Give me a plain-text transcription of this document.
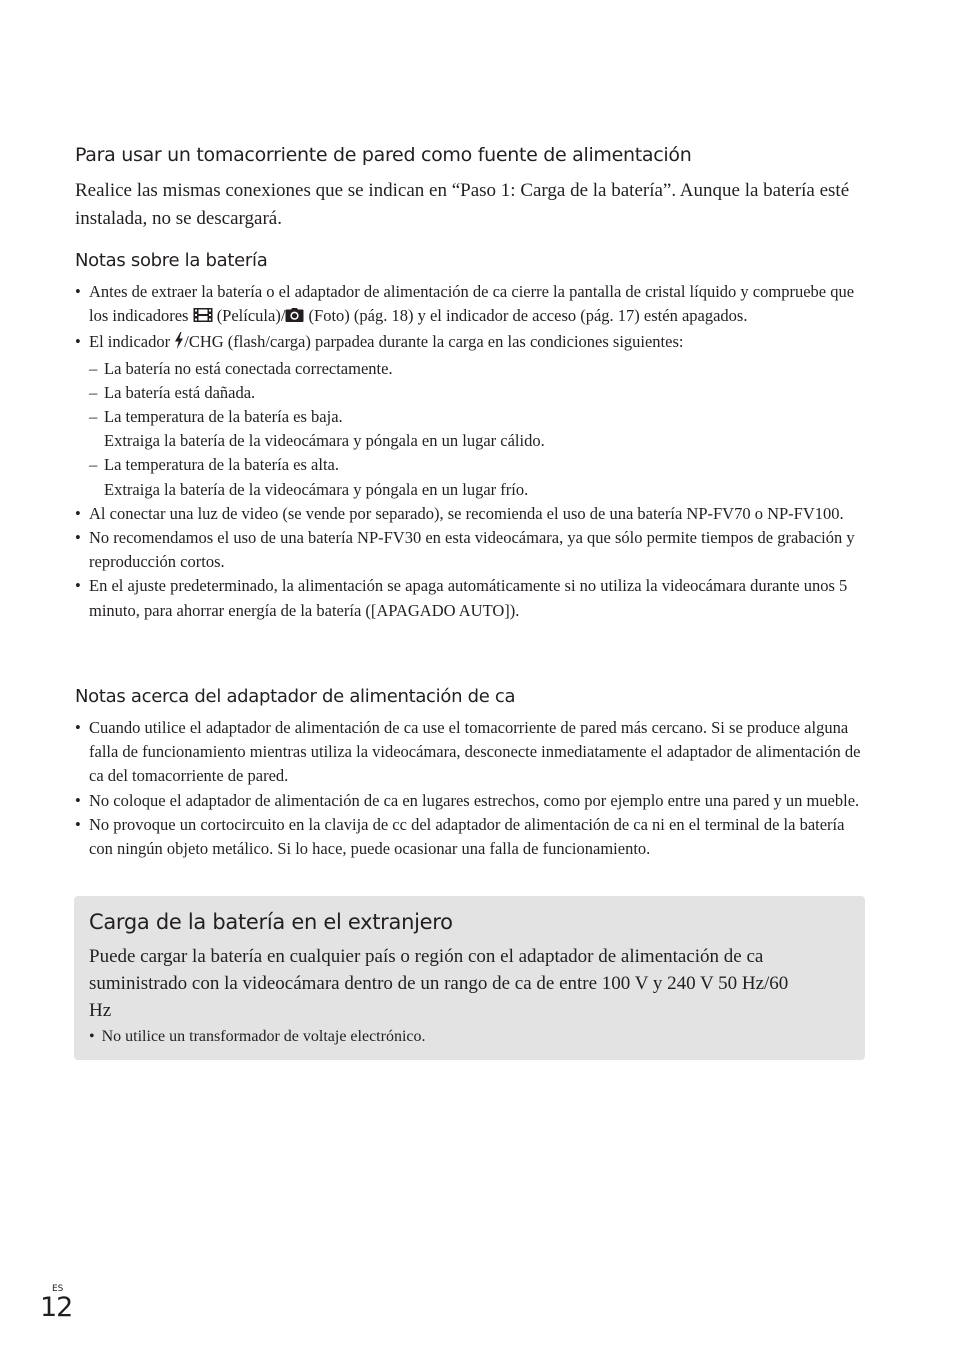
Para usar un tomacorriente de pared como fuente de alimentación
Realice las mismas conexiones que se indican en “Paso 1: Carga de la batería”. Aunque la batería esté instalada, no se descargará.
Notas sobre la batería
• Antes de extraer la batería o el adaptador de alimentación de ca cierre la pantalla de cristal líquido y compruebe que los indicadores  (Película)/ (Foto) (pág. 18) y el indicador de acceso (pág. 17) estén apagados.
• El indicador /CHG (flash/carga) parpadea durante la carga en las condiciones siguientes:
– La batería no está conectada correctamente.
– La batería está dañada.
– La temperatura de la batería es baja.
Extraiga la batería de la videocámara y póngala en un lugar cálido.
– La temperatura de la batería es alta.
Extraiga la batería de la videocámara y póngala en un lugar frío.
• Al conectar una luz de video (se vende por separado), se recomienda el uso de una batería NP-FV70 o NP-FV100.
• No recomendamos el uso de una batería NP-FV30 en esta videocámara, ya que sólo permite tiempos de grabación y reproducción cortos.
• En el ajuste predeterminado, la alimentación se apaga automáticamente si no utiliza la videocámara durante unos 5 minuto, para ahorrar energía de la batería ([APAGADO AUTO]).
Notas acerca del adaptador de alimentación de ca
• Cuando utilice el adaptador de alimentación de ca use el tomacorriente de pared más cercano. Si se produce alguna falla de funcionamiento mientras utiliza la videocámara, desconecte inmediatamente el adaptador de alimentación de ca del tomacorriente de pared.
• No coloque el adaptador de alimentación de ca en lugares estrechos, como por ejemplo entre una pared y un mueble.
• No provoque un cortocircuito en la clavija de cc del adaptador de alimentación de ca ni en el terminal de la batería con ningún objeto metálico. Si lo hace, puede ocasionar una falla de funcionamiento.
Carga de la batería en el extranjero
Puede cargar la batería en cualquier país o región con el adaptador de alimentación de ca suministrado con la videocámara dentro de un rango de ca de entre 100 V y 240 V 50 Hz/60 Hz
• No utilice un transformador de voltaje electrónico.
ES
12
